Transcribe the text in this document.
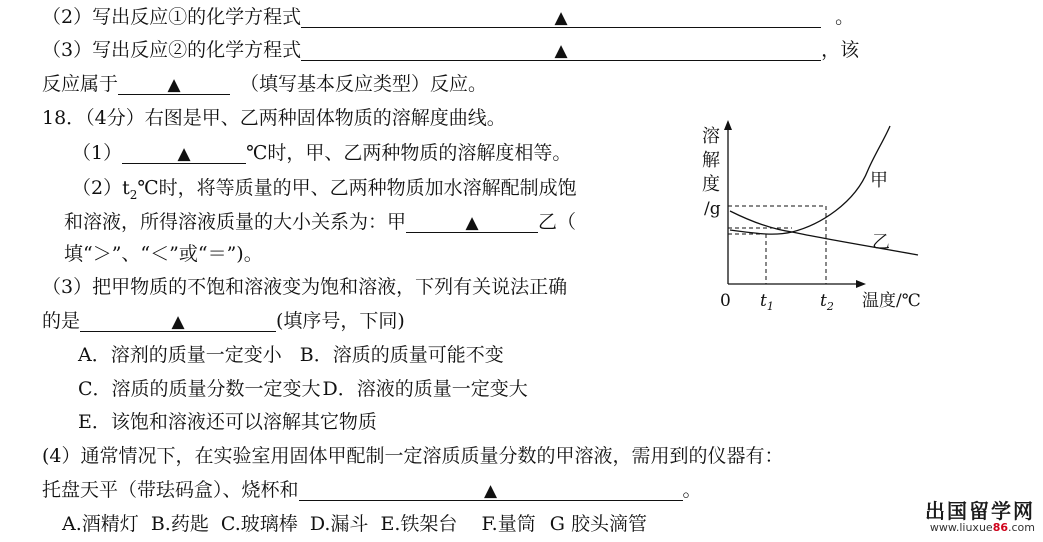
（2）写出反应①的化学方程式	▲	。
（3）写出反应②的化学方程式	▲	，该
反应属于	▲	（填写基本反应类型）反应。
18．（4分）右图是甲、乙两种固体物质的溶解度曲线。
（1）	▲	℃时，甲、乙两种物质的溶解度相等。
$(2)t_2℃$时，将等质量的甲、乙两种物质加水溶解配制成饱
和溶液，所得溶液质量的大小关系为：甲	▲	乙（
填“＞”、“＜”或“＝”)。
（3）把甲物质的不饱和溶液变为饱和溶液，下列有关说法正确
的是	▲	(填序号，下同)
A．溶剂的质量一定变小 B．溶质的质量可能不变
C．溶质的质量分数一定变大 D．溶液的质量一定变大
E．该饱和溶液还可以溶解其它物质
(4）通常情况下，在实验室用固体甲配制一定溶质质量分数的甲溶液，需用到的仪器有：
托盘天平（带珐码盒）、烧杯和	▲	。
A.酒精灯 B.药匙 C.玻璃棒 D.漏斗 E.铁架台 F.量筒 G 胶头滴管
溶
解
度
/g
甲
乙
0 $t_1$	$t_2$ 温度/℃
出国留学网
www.liuxue86.com
